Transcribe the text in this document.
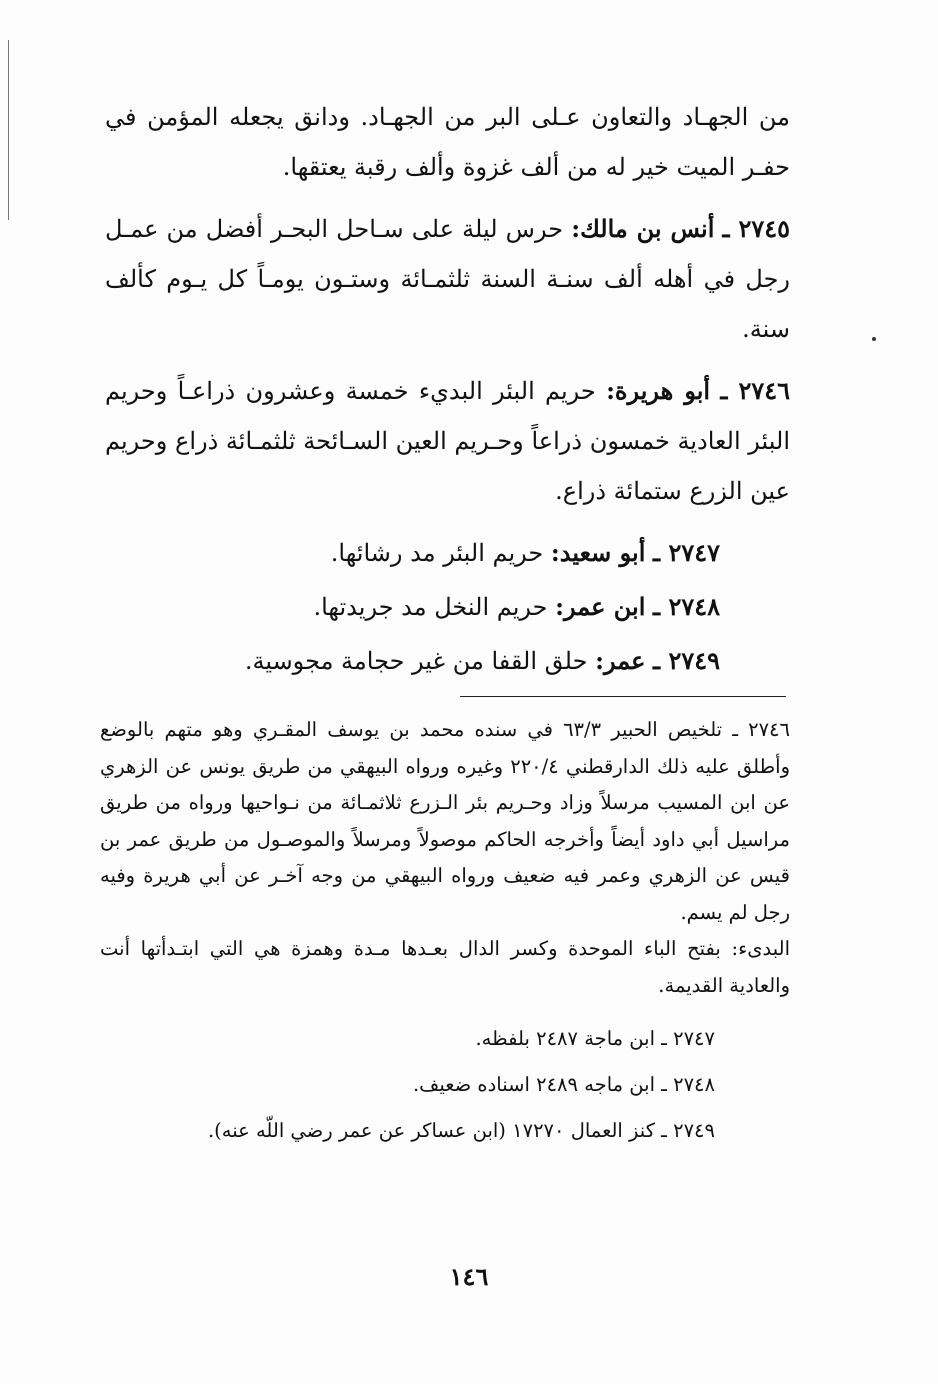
من الجهـاد والتعاون عـلى البر من الجهـاد. ودانق يجعله المؤمن في حفـر الميت خير له من ألف غزوة وألف رقبة يعتقها.

٢٧٤٥ ـ أنس بن مالك: حرس ليلة على سـاحل البحـر أفضل من عمـل رجل في أهله ألف سنـة السنة ثلثمـائة وستـون يومـاً كل يـوم كألف سنة.

٢٧٤٦ ـ أبو هريرة: حريم البئر البديء خمسة وعشرون ذراعـاً وحريم البئر العادية خمسون ذراعاً وحـريم العين السـائحة ثلثمـائة ذراع وحريم عين الزرع ستمائة ذراع.

٢٧٤٧ ـ أبو سعيد: حريم البئر مد رشائها.

٢٧٤٨ ـ ابن عمر: حريم النخل مد جريدتها.

٢٧٤٩ ـ عمر: حلق القفا من غير حجامة مجوسية.

٢٧٤٦ ـ تلخيص الحبير ٦٣/٣ في سنده محمد بن يوسف المقـري وهو متهم بالوضع وأطلق عليه ذلك الدارقطني ٢٢٠/٤ وغيره ورواه البيهقي من طريق يونس عن الزهري عن ابن المسيب مرسلاً وزاد وحـريم بئر الـزرع ثلاثمـائة من نـواحيها ورواه من طريق مراسيل أبي داود أيضاً وأخرجه الحاكم موصولاً ومرسلاً والموصـول من طريق عمر بن قيس عن الزهري وعمر فيه ضعيف ورواه البيهقي من وجه آخـر عن أبي هريرة وفيه رجل لم يسم.

البدىء: بفتح الباء الموحدة وكسر الدال بعـدها مـدة وهمزة هي التي ابتـدأتها أنت والعادية القديمة.

٢٧٤٧ ـ ابن ماجة ٢٤٨٧ بلفظه.

٢٧٤٨ ـ ابن ماجه ٢٤٨٩ اسناده ضعيف.

٢٧٤٩ ـ كنز العمال ١٧٢٧٠ (ابن عساكر عن عمر رضي اللّه عنه).

١٤٦
